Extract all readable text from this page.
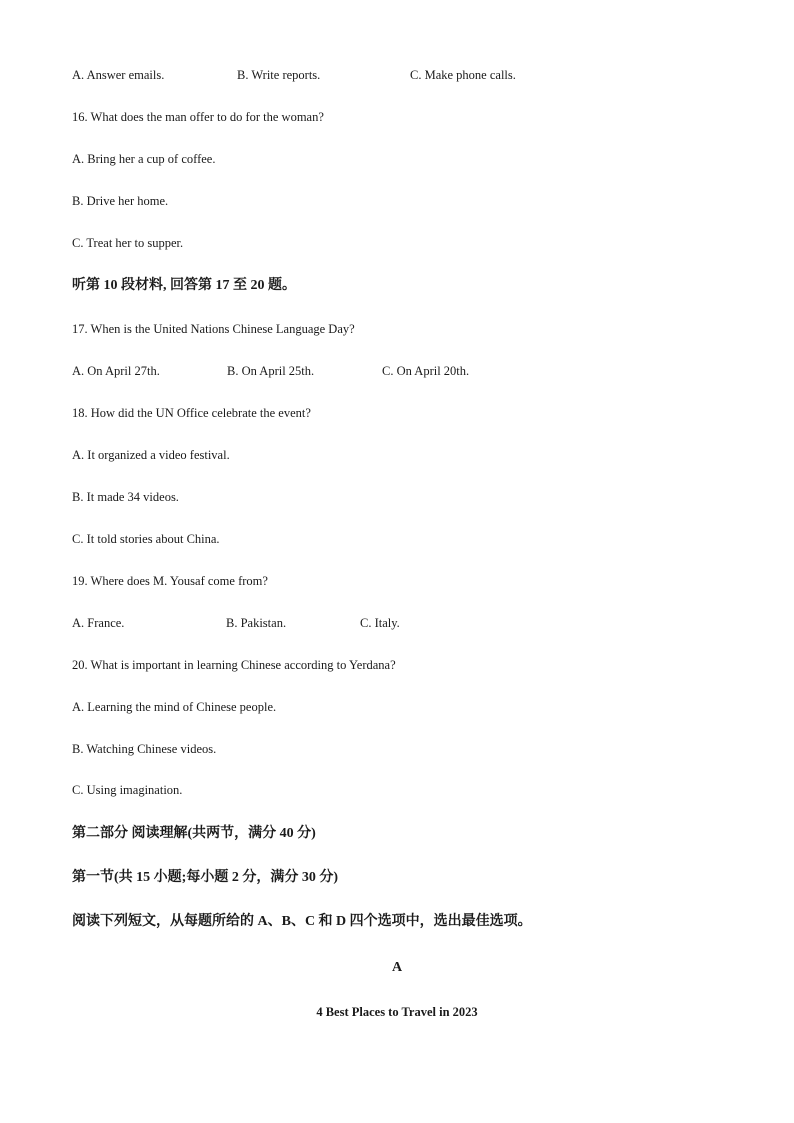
A. Answer emails.	B. Write reports.	C. Make phone calls.
16. What does the man offer to do for the woman?
A. Bring her a cup of coffee.
B. Drive her home.
C. Treat her to supper.
听第 10 段材料, 回答第 17 至 20 题。
17. When is the United Nations Chinese Language Day?
A. On April 27th.	B. On April 25th.	C. On April 20th.
18. How did the UN Office celebrate the event?
A. It organized a video festival.
B. It made 34 videos.
C. It told stories about China.
19. Where does M. Yousaf come from?
A. France.	B. Pakistan.	C. Italy.
20. What is important in learning Chinese according to Yerdana?
A. Learning the mind of Chinese people.
B. Watching Chinese videos.
C. Using imagination.
第二部分 阅读理解(共两节，满分 40 分)
第一节(共 15 小题;每小题 2 分，满分 30 分)
阅读下列短文，从每题所给的 A、B、C 和 D 四个选项中，选出最佳选项。
A
4 Best Places to Travel in 2023
